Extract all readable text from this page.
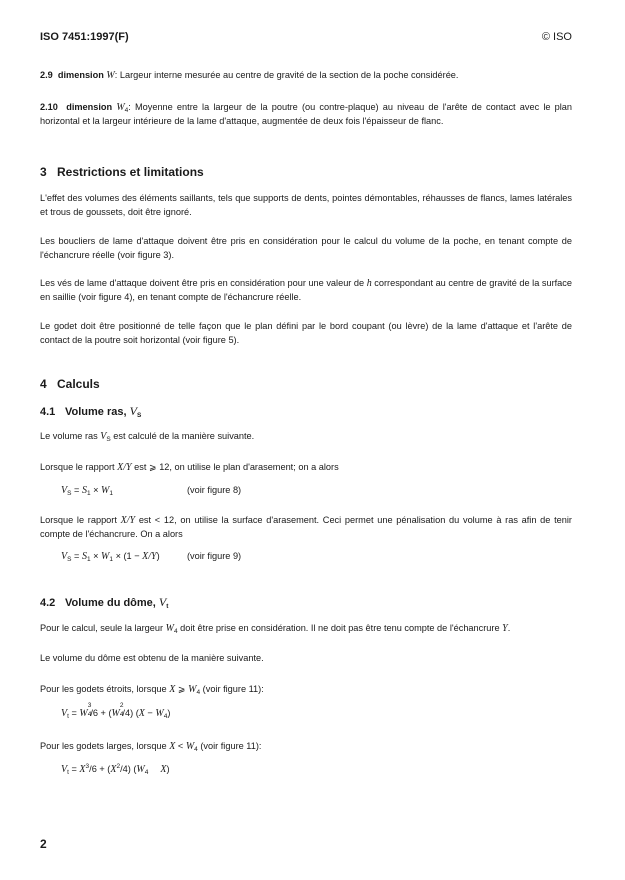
ISO 7451:1997(F)	© ISO
2.9 dimension W: Largeur interne mesurée au centre de gravité de la section de la poche considérée.
2.10 dimension $W_4$: Moyenne entre la largeur de la poutre (ou contre-plaque) au niveau de l'arête de contact avec le plan horizontal et la largeur intérieure de la lame d'attaque, augmentée de deux fois l'épaisseur de flanc.
3 Restrictions et limitations
L'effet des volumes des éléments saillants, tels que supports de dents, pointes démontables, réhausses de flancs, lames latérales et trous de goussets, doit être ignoré.
Les boucliers de lame d'attaque doivent être pris en considération pour le calcul du volume de la poche, en tenant compte de l'échancrure réelle (voir figure 3).
Les vés de lame d'attaque doivent être pris en considération pour une valeur de h correspondant au centre de gravité de la surface en saillie (voir figure 4), en tenant compte de l'échancrure réelle.
Le godet doit être positionné de telle façon que le plan défini par le bord coupant (ou lèvre) de la lame d'attaque et l'arête de contact de la poutre soit horizontal (voir figure 5).
4 Calculs
4.1 Volume ras, $V_S$
Le volume ras $V_S$ est calculé de la manière suivante.
Lorsque le rapport X/Y est ⩾ 12, on utilise le plan d'arasement; on a alors
$V_S = S_1 \times W_1$	(voir figure 8)
Lorsque le rapport X/Y est < 12, on utilise la surface d'arasement. Ceci permet une pénalisation du volume à ras afin de tenir compte de l'échancrure. On a alors
$V_S = S_1 \times W_1 \times (1 - X/Y)$	(voir figure 9)
4.2 Volume du dôme, $V_t$
Pour le calcul, seule la largeur $W_4$ doit être prise en considération. Il ne doit pas être tenu compte de l'échancrure Y.
Le volume du dôme est obtenu de la manière suivante.
Pour les godets étroits, lorsque X ⩾ $W_4$ (voir figure 11):
$V_t = W$
3
4
/6 + (W
2
4
/4) $(X - W_4)$
Pour les godets larges, lorsque $X < W_4$ (voir figure 11):
$V_t = X^3/6 + (X^2/4)$ ($W_4$ X)
2
